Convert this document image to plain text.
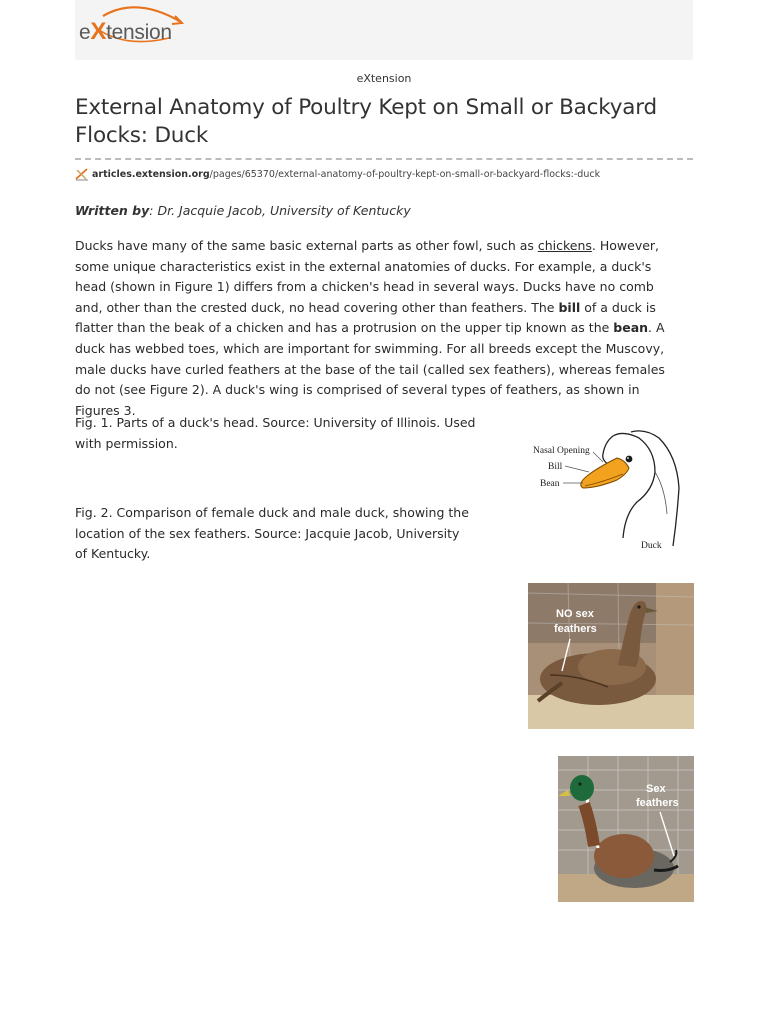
eXtension
eXtension
External Anatomy of Poultry Kept on Small or Backyard Flocks: Duck
articles.extension.org /pages/65370/external-anatomy-of-poultry-kept-on-small-or-backyard-flocks:-duck
Written by: Dr. Jacquie Jacob, University of Kentucky

Ducks have many of the same basic external parts as other fowl, such as chickens. However, some unique characteristics exist in the external anatomies of ducks. For example, a duck's head (shown in Figure 1) differs from a chicken's head in several ways. Ducks have no comb and, other than the crested duck, no head covering other than feathers. The bill of a duck is flatter than the beak of a chicken and has a protrusion on the upper tip known as the bean. A duck has webbed toes, which are important for swimming. For all breeds except the Muscovy, male ducks have curled feathers at the base of the tail (called sex feathers), whereas females do not (see Figure 2). A duck's wing is comprised of several types of feathers, as shown in Figures 3.

Fig. 1. Parts of a duck's head. Source: University of Illinois. Used with permission.

Fig. 2. Comparison of female duck and male duck, showing the location of the sex feathers. Source: Jacquie Jacob, University of Kentucky.

Nasal Opening
Bill
Bean
Duck
NO sex
feathers
Sex
feathers
